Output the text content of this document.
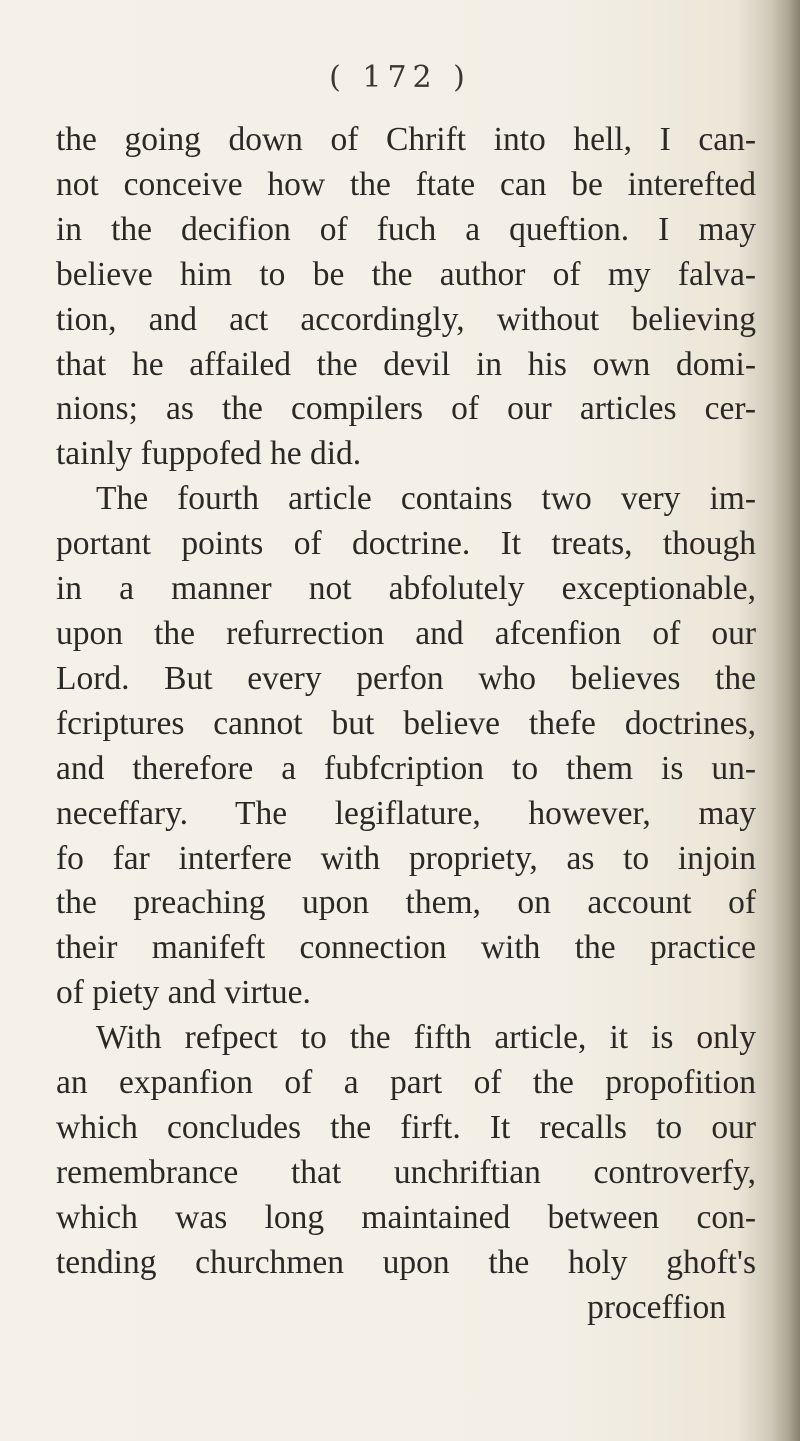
( 172 )
the going down of Chrift into hell, I can-
not conceive how the ftate can be interefted
in the decifion of fuch a queftion. I may
believe him to be the author of my falva-
tion, and act accordingly, without believing
that he affailed the devil in his own domi-
nions; as the compilers of our articles cer-
tainly fuppofed he did.
The fourth article contains two very im-
portant points of doctrine. It treats, though
in a manner not abfolutely exceptionable,
upon the refurrection and afcenfion of our
Lord. But every perfon who believes the
fcriptures cannot but believe thefe doctrines,
and therefore a fubfcription to them is un-
neceffary. The legiflature, however, may
fo far interfere with propriety, as to injoin
the preaching upon them, on account of
their manifeft connection with the practice
of piety and virtue.
With refpect to the fifth article, it is only
an expanfion of a part of the propofition
which concludes the firft. It recalls to our
remembrance that unchriftian controverfy,
which was long maintained between con-
tending churchmen upon the holy ghoft's
proceffion
